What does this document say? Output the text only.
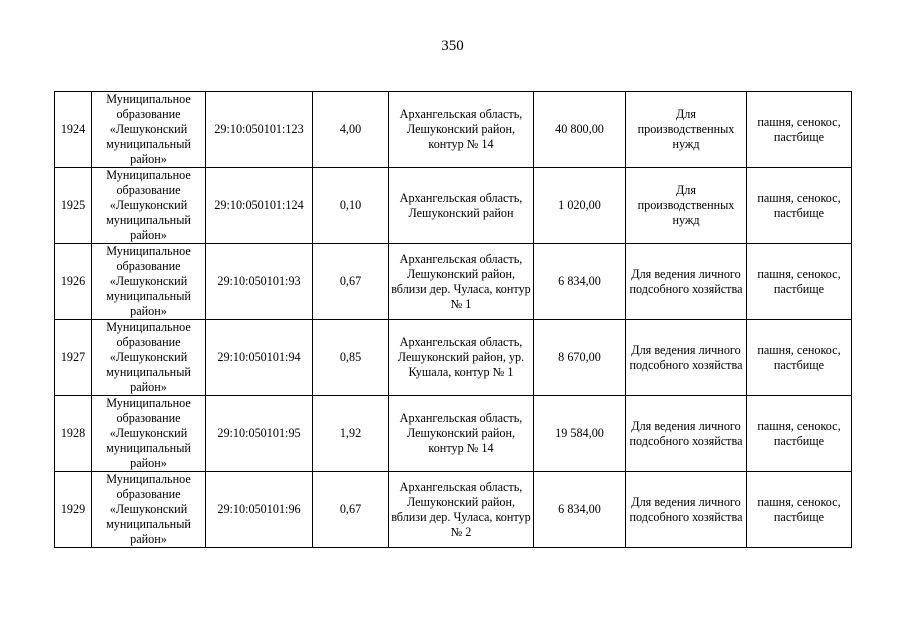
350
1924	Муниципальное образование «Лешуконский муниципальный район»	29:10:050101:123	4,00	Архангельская область, Лешуконский район, контур № 14	40 800,00	Для производственных нужд	пашня, сенокос, пастбище
1925	Муниципальное образование «Лешуконский муниципальный район»	29:10:050101:124	0,10	Архангельская область, Лешуконский район	1 020,00	Для производственных нужд	пашня, сенокос, пастбище
1926	Муниципальное образование «Лешуконский муниципальный район»	29:10:050101:93	0,67	Архангельская область, Лешуконский район, вблизи дер. Чуласа, контур № 1	6 834,00	Для ведения личного подсобного хозяйства	пашня, сенокос, пастбище
1927	Муниципальное образование «Лешуконский муниципальный район»	29:10:050101:94	0,85	Архангельская область, Лешуконский район, ур. Кушала, контур № 1	8 670,00	Для ведения личного подсобного хозяйства	пашня, сенокос, пастбище
1928	Муниципальное образование «Лешуконский муниципальный район»	29:10:050101:95	1,92	Архангельская область, Лешуконский район, контур № 14	19 584,00	Для ведения личного подсобного хозяйства	пашня, сенокос, пастбище
1929	Муниципальное образование «Лешуконский муниципальный район»	29:10:050101:96	0,67	Архангельская область, Лешуконский район, вблизи дер. Чуласа, контур № 2	6 834,00	Для ведения личного подсобного хозяйства	пашня, сенокос, пастбище
